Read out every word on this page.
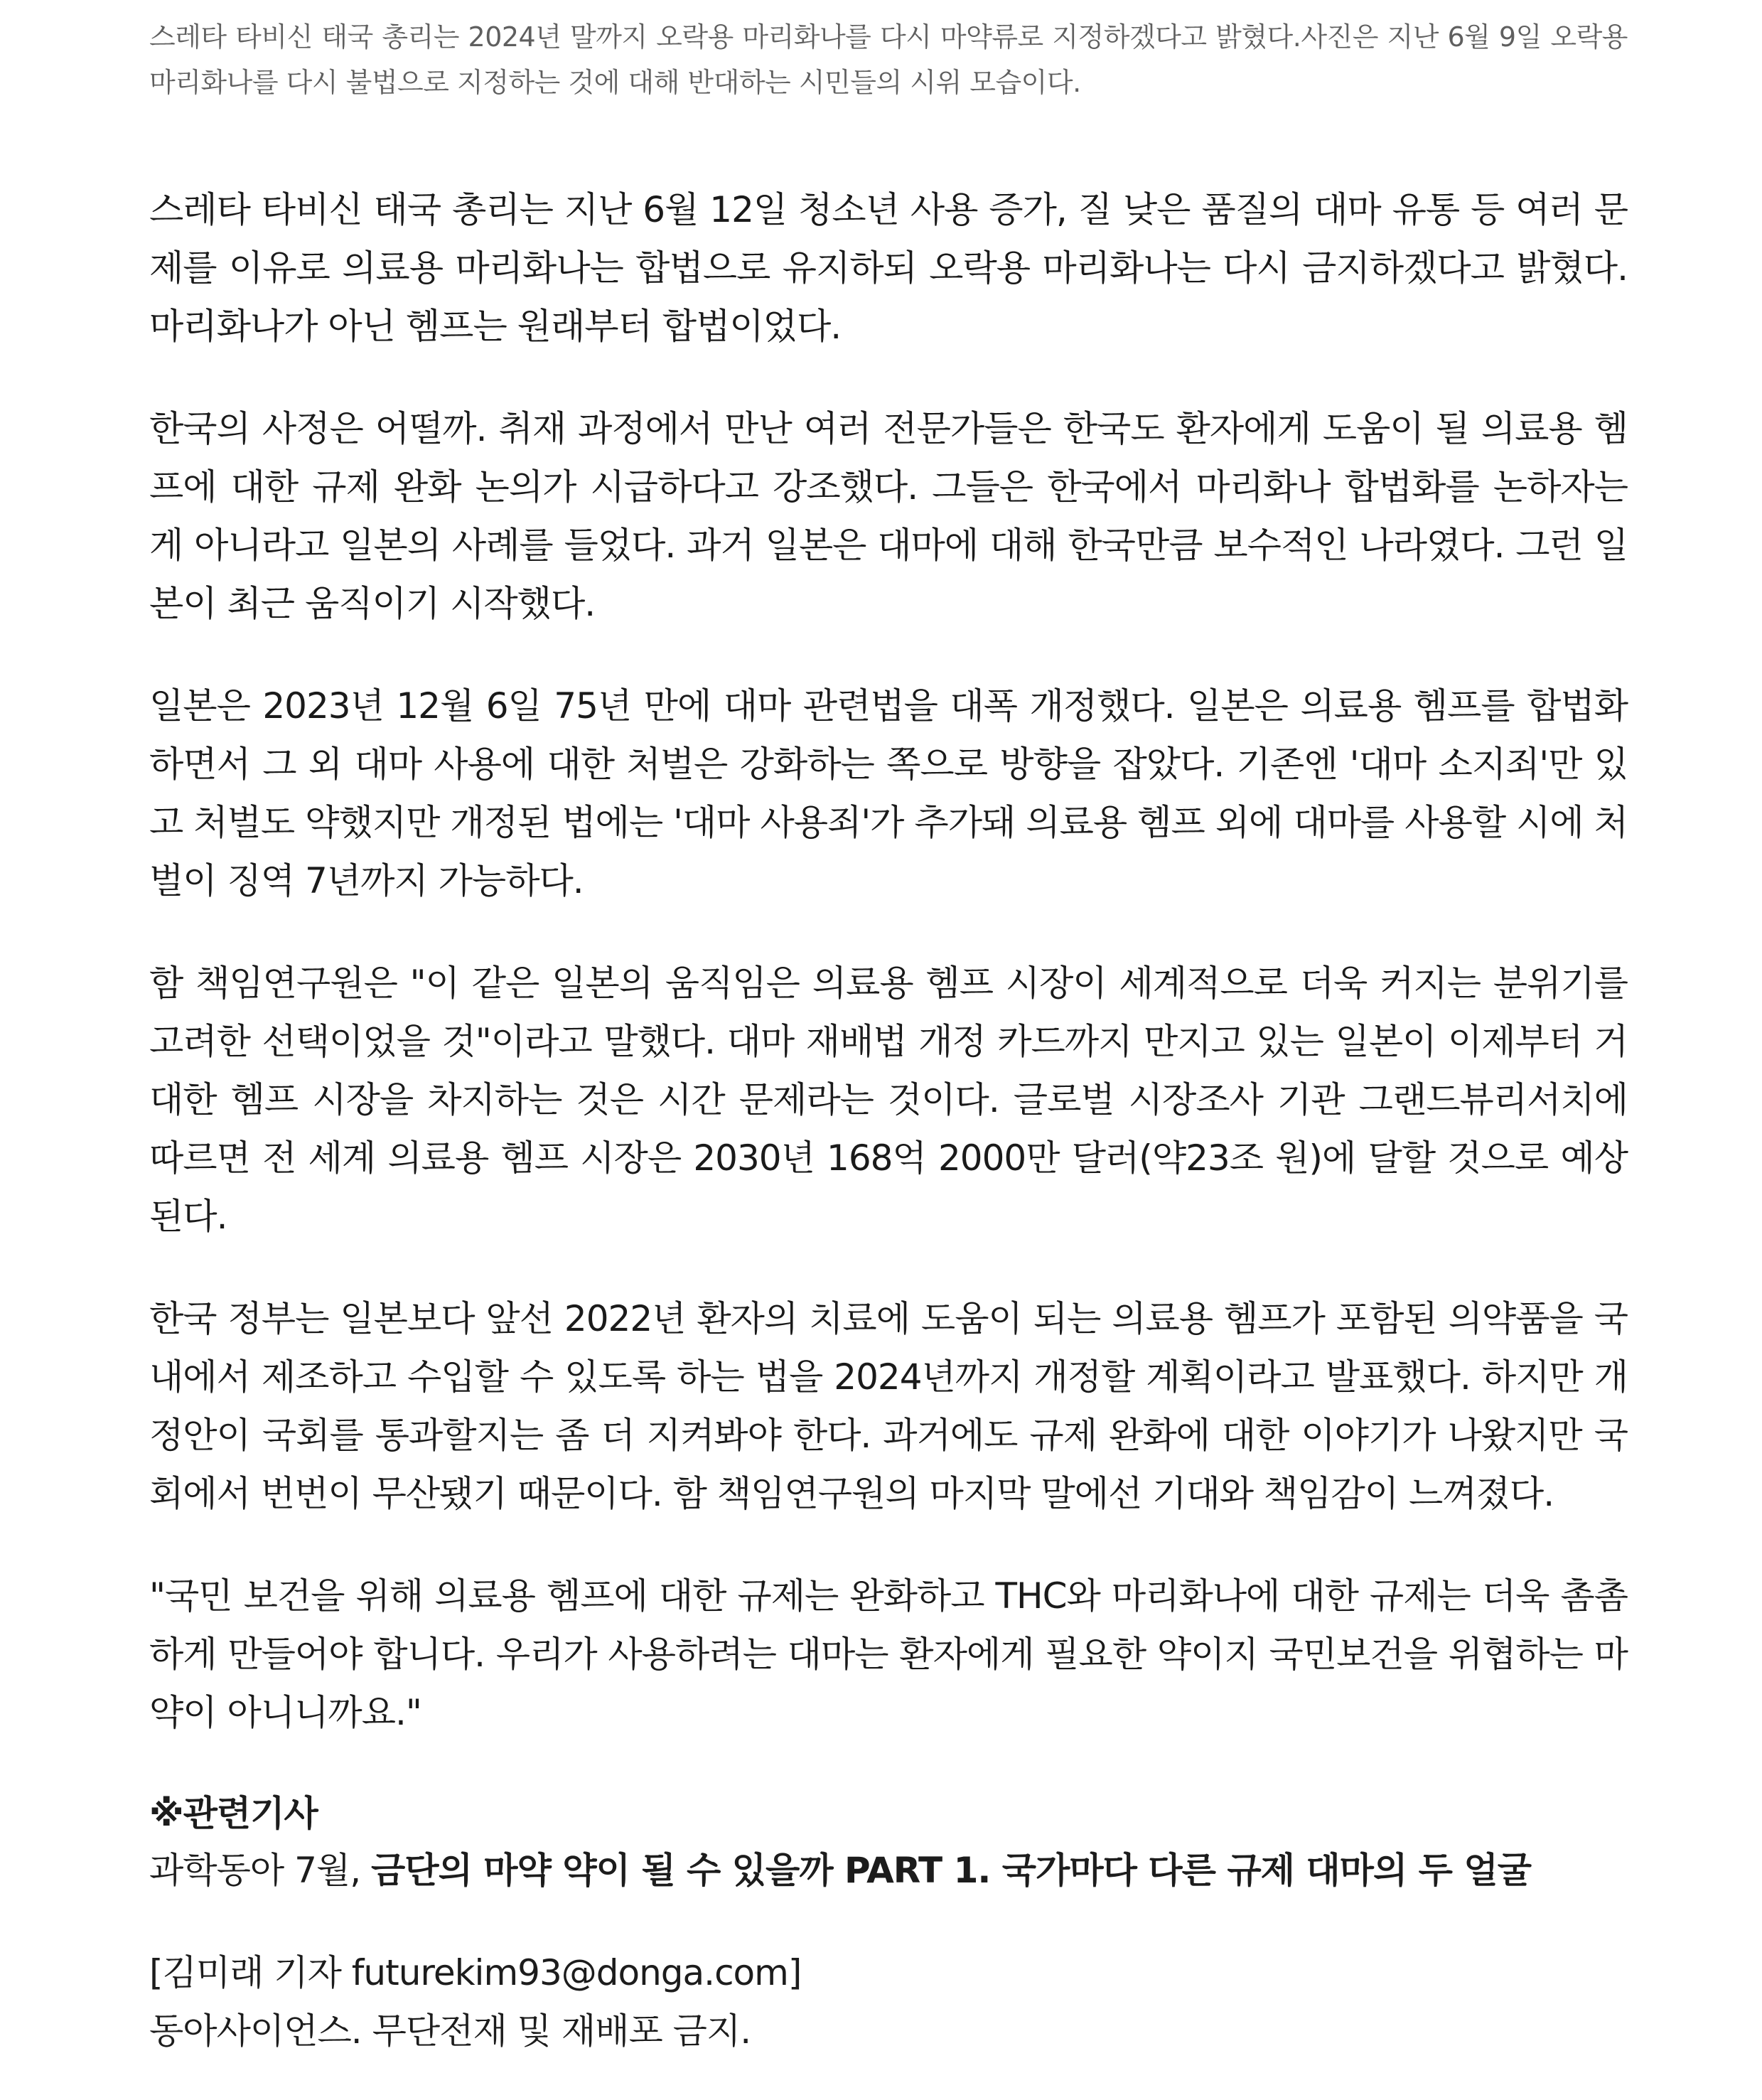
스레타 타비신 태국 총리는 2024년 말까지 오락용 마리화나를 다시 마약류로 지정하겠다고 밝혔다.사진은 지난 6월 9일 오락용 마리화나를 다시 불법으로 지정하는 것에 대해 반대하는 시민들의 시위 모습이다.

스레타 타비신 태국 총리는 지난 6월 12일 청소년 사용 증가, 질 낮은 품질의 대마 유통 등 여러 문제를 이유로 의료용 마리화나는 합법으로 유지하되 오락용 마리화나는 다시 금지하겠다고 밝혔다. 마리화나가 아닌 헴프는 원래부터 합법이었다.

한국의 사정은 어떨까. 취재 과정에서 만난 여러 전문가들은 한국도 환자에게 도움이 될 의료용 헴프에 대한 규제 완화 논의가 시급하다고 강조했다. 그들은 한국에서 마리화나 합법화를 논하자는 게 아니라고 일본의 사례를 들었다. 과거 일본은 대마에 대해 한국만큼 보수적인 나라였다. 그런 일본이 최근 움직이기 시작했다.

일본은 2023년 12월 6일 75년 만에 대마 관련법을 대폭 개정했다. 일본은 의료용 헴프를 합법화하면서 그 외 대마 사용에 대한 처벌은 강화하는 쪽으로 방향을 잡았다. 기존엔 '대마 소지죄'만 있고 처벌도 약했지만 개정된 법에는 '대마 사용죄'가 추가돼 의료용 헴프 외에 대마를 사용할 시에 처벌이 징역 7년까지 가능하다.

함 책임연구원은 "이 같은 일본의 움직임은 의료용 헴프 시장이 세계적으로 더욱 커지는 분위기를 고려한 선택이었을 것"이라고 말했다. 대마 재배법 개정 카드까지 만지고 있는 일본이 이제부터 거대한 헴프 시장을 차지하는 것은 시간 문제라는 것이다. 글로벌 시장조사 기관 그랜드뷰리서치에 따르면 전 세계 의료용 헴프 시장은 2030년 168억 2000만 달러(약23조 원)에 달할 것으로 예상된다.

한국 정부는 일본보다 앞선 2022년 환자의 치료에 도움이 되는 의료용 헴프가 포함된 의약품을 국내에서 제조하고 수입할 수 있도록 하는 법을 2024년까지 개정할 계획이라고 발표했다. 하지만 개정안이 국회를 통과할지는 좀 더 지켜봐야 한다. 과거에도 규제 완화에 대한 이야기가 나왔지만 국회에서 번번이 무산됐기 때문이다. 함 책임연구원의 마지막 말에선 기대와 책임감이 느껴졌다.

"국민 보건을 위해 의료용 헴프에 대한 규제는 완화하고 THC와 마리화나에 대한 규제는 더욱 촘촘하게 만들어야 합니다. 우리가 사용하려는 대마는 환자에게 필요한 약이지 국민보건을 위협하는 마약이 아니니까요."

※관련기사

과학동아 7월, 금단의 마약 약이 될 수 있을까 PART 1. 국가마다 다른 규제 대마의 두 얼굴

[김미래 기자 futurekim93@donga.com]

동아사이언스. 무단전재 및 재배포 금지.
